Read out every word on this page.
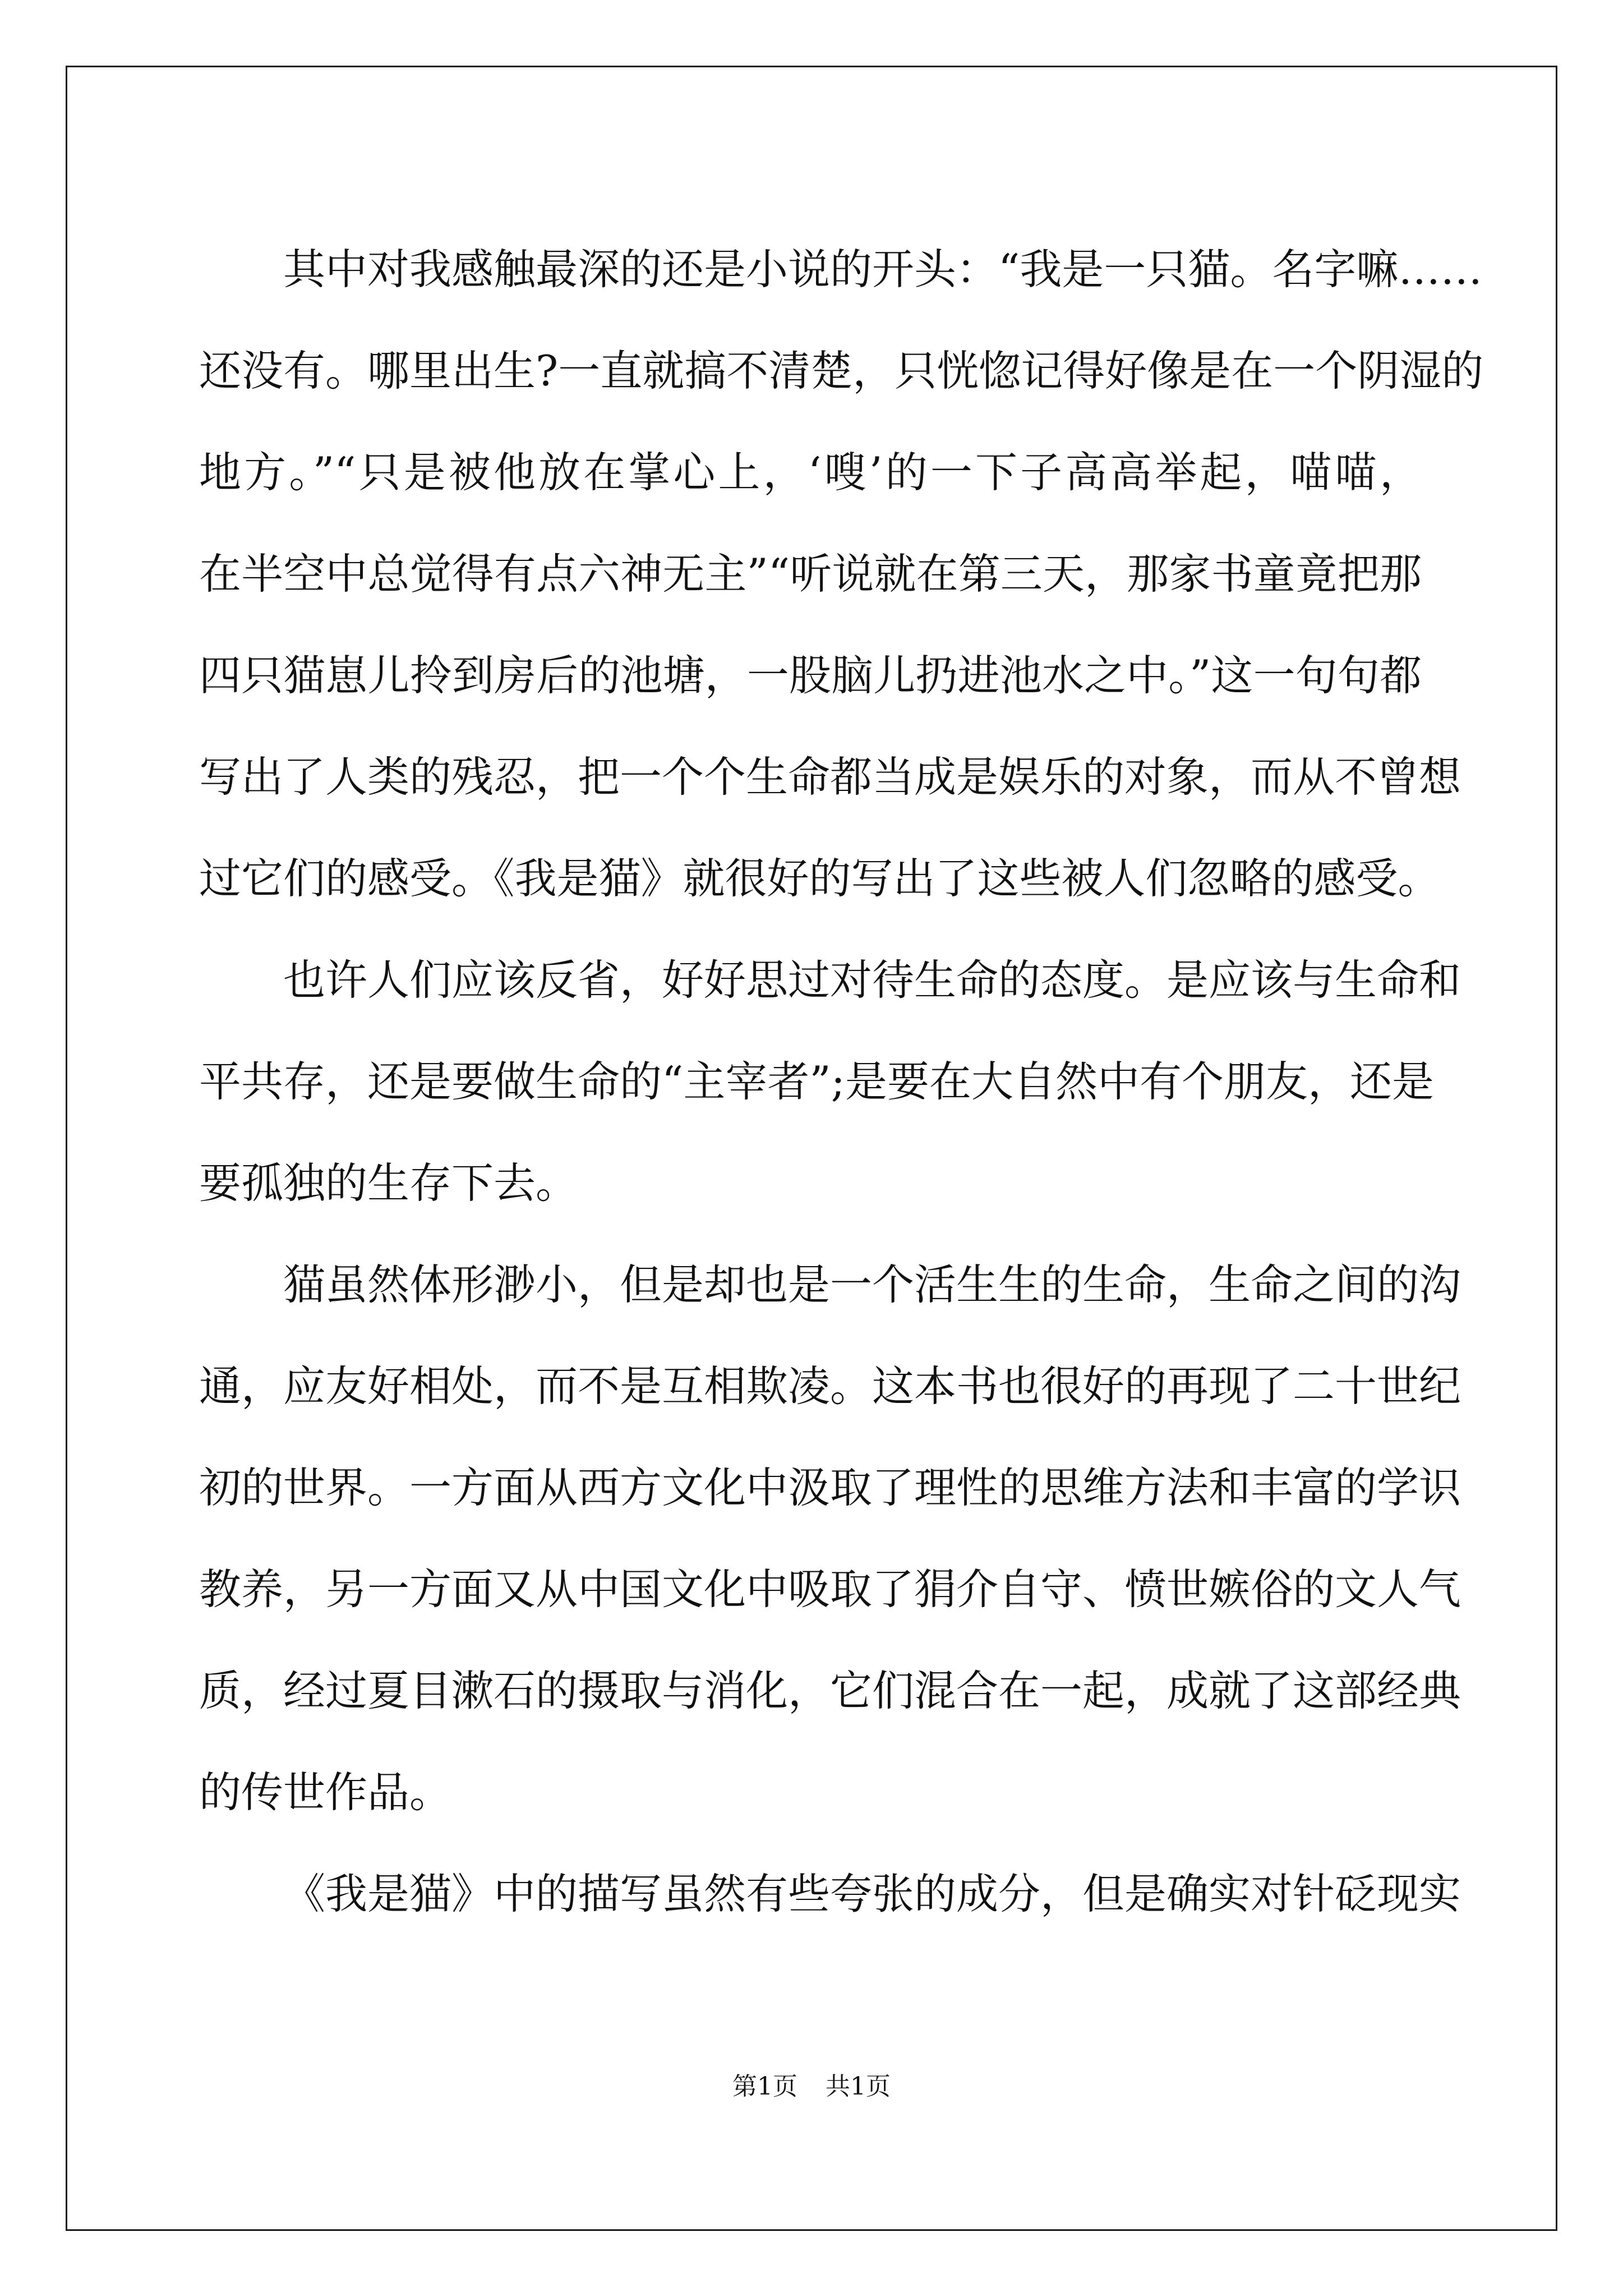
其中对我感触最深的还是小说的开头：“我是一只猫。名字嘛……
还没有。哪里出生?一直就搞不清楚，只恍惚记得好像是在一个阴湿的
地方。”“只是被他放在掌心上，‘嗖’的一下子高高举起，喵喵，
在半空中总觉得有点六神无主”“听说就在第三天，那家书童竟把那
四只猫崽儿拎到房后的池塘，一股脑儿扔进池水之中。”这一句句都
写出了人类的残忍，把一个个生命都当成是娱乐的对象，而从不曾想
过它们的感受。《我是猫》就很好的写出了这些被人们忽略的感受。
也许人们应该反省，好好思过对待生命的态度。是应该与生命和
平共存，还是要做生命的“主宰者”;是要在大自然中有个朋友，还是
要孤独的生存下去。
猫虽然体形渺小，但是却也是一个活生生的生命，生命之间的沟
通，应友好相处，而不是互相欺凌。这本书也很好的再现了二十世纪
初的世界。一方面从西方文化中汲取了理性的思维方法和丰富的学识
教养，另一方面又从中国文化中吸取了狷介自守、愤世嫉俗的文人气
质，经过夏目漱石的摄取与消化，它们混合在一起，成就了这部经典
的传世作品。
《我是猫》中的描写虽然有些夸张的成分，但是确实对针砭现实
第1页 共1页
